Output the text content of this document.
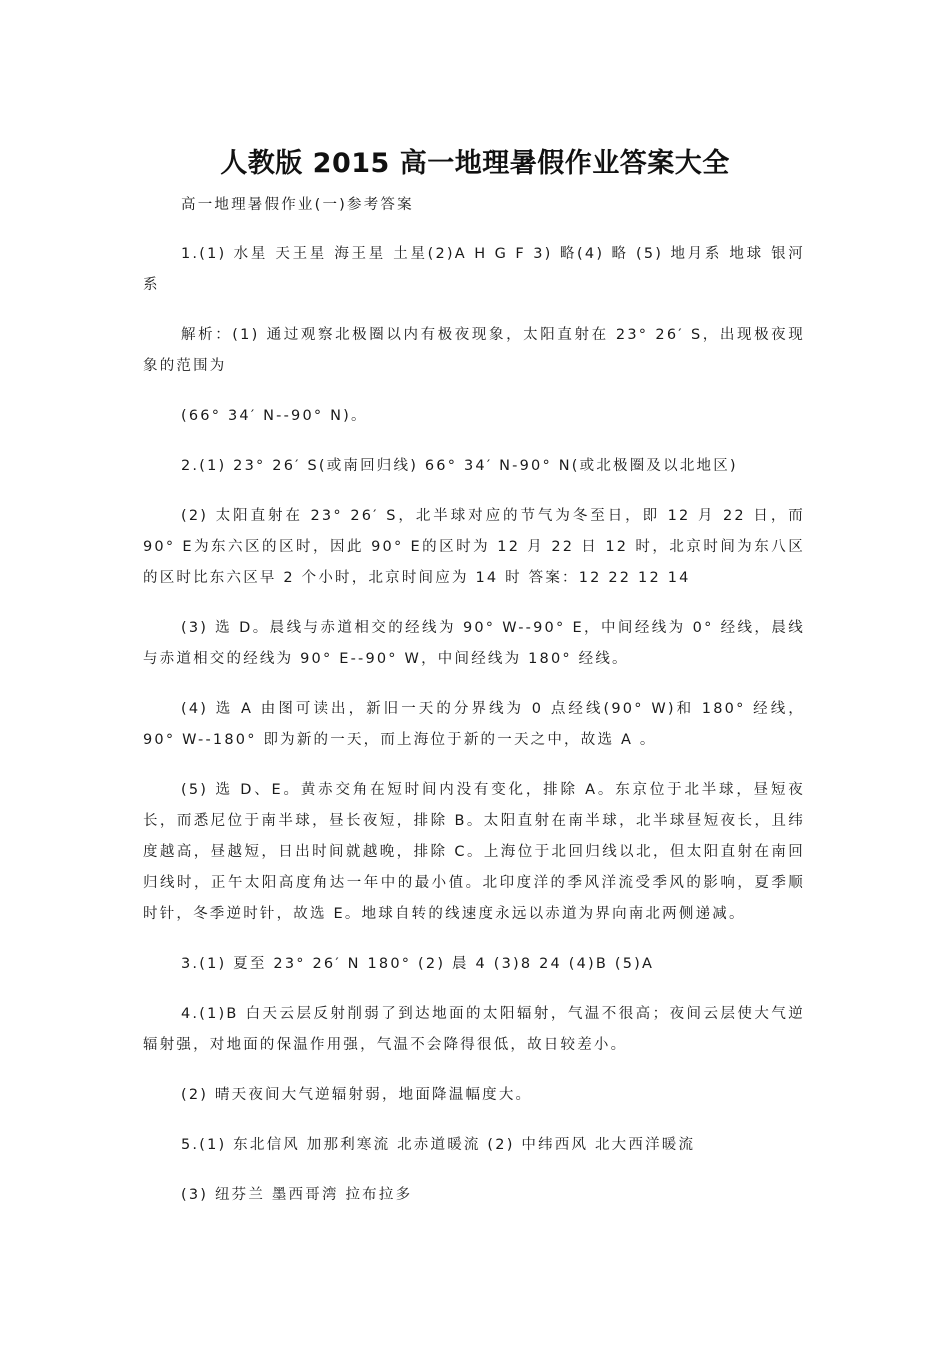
人教版 2015 高一地理暑假作业答案大全

高一地理暑假作业(一)参考答案

1.(1) 水星 天王星 海王星 土星(2)A H G F 3) 略(4) 略 (5) 地月系 地球 银河系

解析：(1) 通过观察北极圈以内有极夜现象，太阳直射在 23° 26′ S，出现极夜现象的范围为

(66° 34′ N--90° N)。

2.(1) 23° 26′ S(或南回归线) 66° 34′ N-90° N(或北极圈及以北地区)

(2) 太阳直射在 23° 26′ S，北半球对应的节气为冬至日，即 12 月 22 日，而 90° E为东六区的区时，因此 90° E的区时为 12 月 22 日 12 时，北京时间为东八区的区时比东六区早 2 个小时，北京时间应为 14 时 答案：12 22 12 14

(3) 选 D。晨线与赤道相交的经线为 90° W--90° E，中间经线为 0° 经线，晨线与赤道相交的经线为 90° E--90° W，中间经线为 180° 经线。

(4) 选 A 由图可读出，新旧一天的分界线为 0 点经线(90° W)和 180° 经线，90° W--180° 即为新的一天，而上海位于新的一天之中，故选 A 。

(5) 选 D、E。黄赤交角在短时间内没有变化，排除 A。东京位于北半球，昼短夜长，而悉尼位于南半球，昼长夜短，排除 B。太阳直射在南半球，北半球昼短夜长，且纬度越高，昼越短，日出时间就越晚，排除 C。上海位于北回归线以北，但太阳直射在南回归线时，正午太阳高度角达一年中的最小值。北印度洋的季风洋流受季风的影响，夏季顺时针，冬季逆时针，故选 E。地球自转的线速度永远以赤道为界向南北两侧递减。

3.(1) 夏至 23° 26′ N 180° (2) 晨 4 (3)8 24 (4)B (5)A

4.(1)B 白天云层反射削弱了到达地面的太阳辐射，气温不很高；夜间云层使大气逆辐射强，对地面的保温作用强，气温不会降得很低，故日较差小。

(2) 晴天夜间大气逆辐射弱，地面降温幅度大。

5.(1) 东北信风 加那利寒流 北赤道暖流 (2) 中纬西风 北大西洋暖流

(3) 纽芬兰 墨西哥湾 拉布拉多
